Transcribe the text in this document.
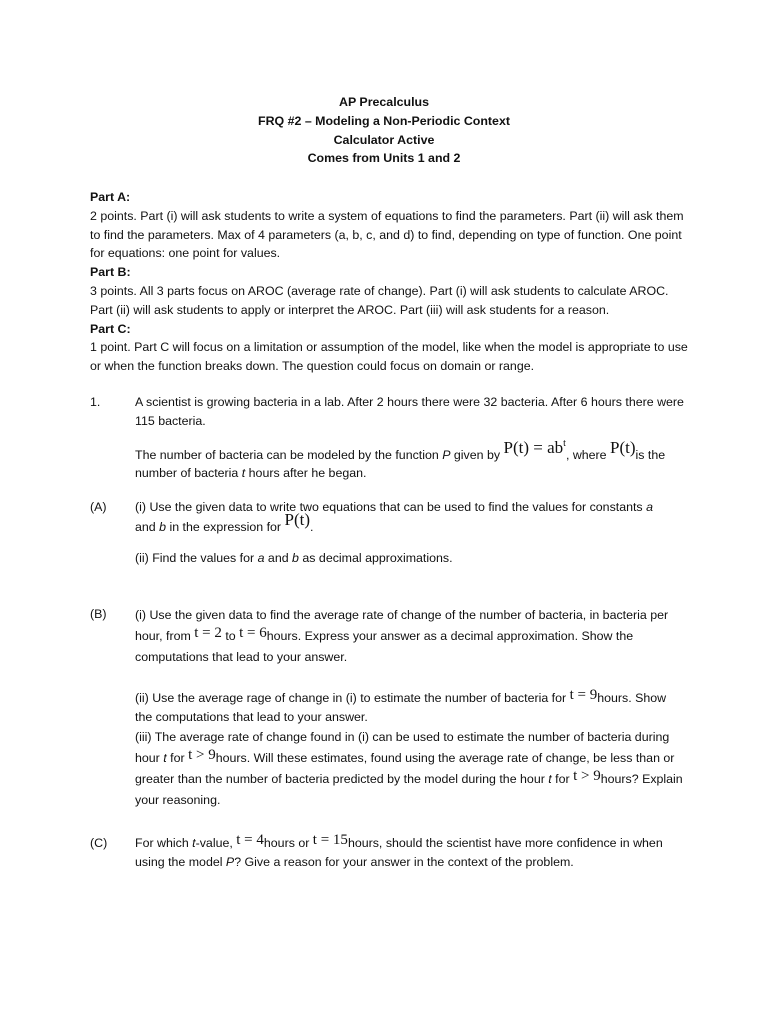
AP Precalculus
FRQ #2 – Modeling a Non-Periodic Context
Calculator Active
Comes from Units 1 and 2
Part A:
2 points. Part (i) will ask students to write a system of equations to find the parameters. Part (ii) will ask them to find the parameters. Max of 4 parameters (a, b, c, and d) to find, depending on type of function. One point for equations: one point for values.
Part B:
3 points. All 3 parts focus on AROC (average rate of change). Part (i) will ask students to calculate AROC. Part (ii) will ask students to apply or interpret the AROC. Part (iii) will ask students for a reason.
Part C:
1 point. Part C will focus on a limitation or assumption of the model, like when the model is appropriate to use or when the function breaks down. The question could focus on domain or range.
1.	A scientist is growing bacteria in a lab. After 2 hours there were 32 bacteria. After 6 hours there were 115 bacteria.
The number of bacteria can be modeled by the function P given by $P(t) = ab^t$, where P(t)is the number of bacteria t hours after he began.
(A)	(i) Use the given data to write two equations that can be used to find the values for constants a
and b in the expression for P(t).
(ii) Find the values for a and b as decimal approximations.
(B)	(i) Use the given data to find the average rate of change of the number of bacteria, in bacteria per hour, from t = 2 to t = 6hours. Express your answer as a decimal approximation. Show the computations that lead to your answer.
(ii) Use the average rage of change in (i) to estimate the number of bacteria for t = 9hours. Show the computations that lead to your answer.
(iii) The average rate of change found in (i) can be used to estimate the number of bacteria during hour t for t > 9hours. Will these estimates, found using the average rate of change, be less than or greater than the number of bacteria predicted by the model during the hour t for t > 9hours? Explain your reasoning.
(C)	For which t-value, t = 4hours or t = 15hours, should the scientist have more confidence in when using the model P? Give a reason for your answer in the context of the problem.
